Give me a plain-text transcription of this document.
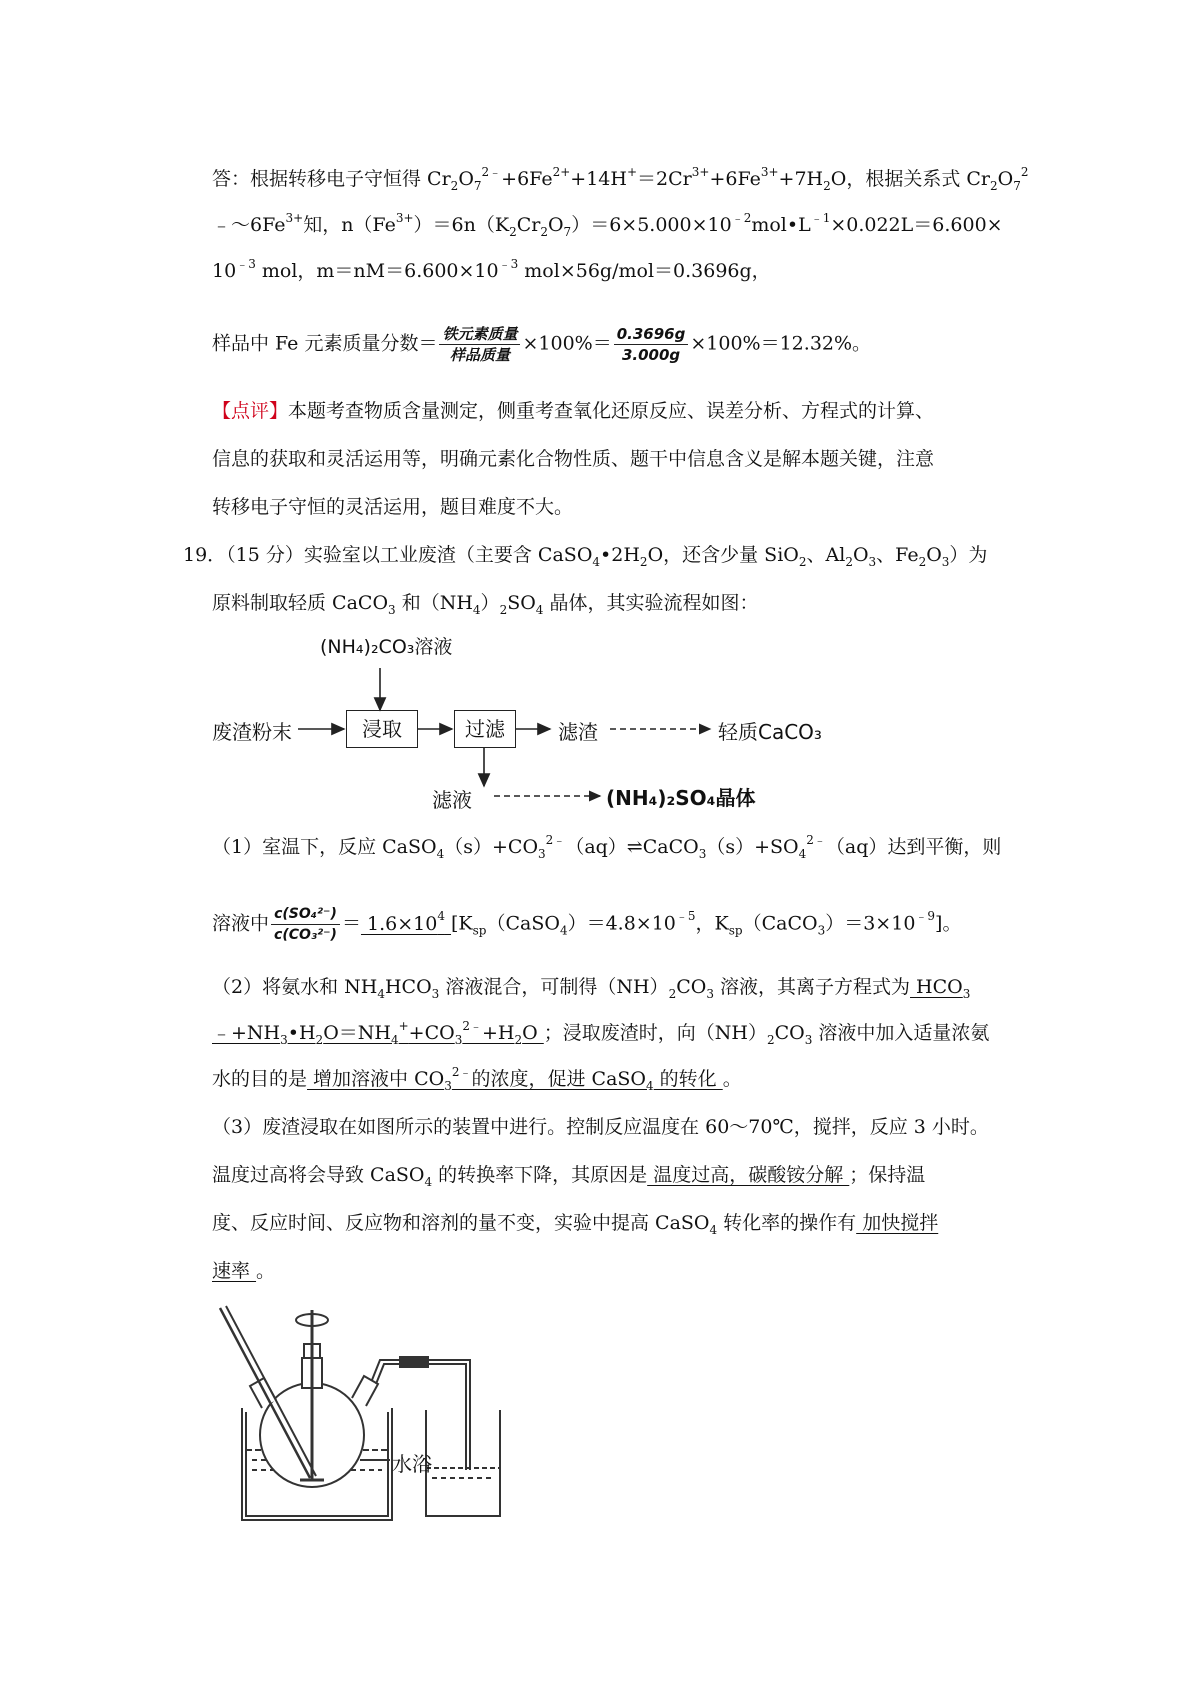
答：根据转移电子守恒得 $Cr_2O_7^{2﹣}+6Fe^{2+}+14H^+=2Cr^{3+}+6Fe^{3+}+7H_2O$，根据关系式 $Cr_2O_7^2$
$﹣\sim 6Fe^{3+}$知，$n(Fe^{3+})=6n(K_2Cr_2O_7)=6\times 5.000\times 10^{﹣2}mol•L^{﹣1}\times 0.022L=6.600\times$
$10^{﹣3}$ mol，$m=nM=6.600\times 10^{﹣3}$ mol×56g/mol＝0.3696g，
样品中 Fe 元素质量分数＝ $\frac{\text{铁元素质量}}{\text{样品质量}} \times 100\%= \frac{0.3696g}{3.000g} \times 100\%=12.32\%$。
【点评】本题考查物质含量测定，侧重考查氧化还原反应、误差分析、方程式的计算、
信息的获取和灵活运用等，明确元素化合物性质、题干中信息含义是解本题关键，注意
转移电子守恒的灵活运用，题目难度不大。
19．（15 分）实验室以工业废渣（主要含 $CaSO_4•2H_2O$，还含少量 SiO$_2$、$Al_2O_3$、$Fe_2O_3$）为
原料制取轻质 CaCO$_3$ 和$(NH_4)_2SO_4$ 晶体，其实验流程如图：
(NH₄)₂CO₃溶液
废渣粉末	浸取	过滤	滤渣	轻质CaCO₃
滤液	(NH₄)₂SO₄晶体
（1）室温下，反应 $CaSO_4(s)+CO_3^{2﹣}(aq)\rightleftharpoons CaCO_3(s)+SO_4^{2﹣}(aq)$达到平衡，则
溶液中 $\frac{\text{c(SO₄²⁻)}}{\text{c(CO₃²⁻)}} = 1.6\times 10^4$ [$K_{sp}(CaSO_4)=4.8\times 10^{﹣5}$，$K_{sp}(CaCO_3)=3\times 10^{﹣9}$]。
（2）将氨水和 $NH_4HCO_3$ 溶液混合，可制得$(NH)_2CO_3$ 溶液，其离子方程式为 $HCO_3$
$﹣+NH_3•H_2O=NH_4^++CO_3^{2﹣}+H_2O$ ；浸取废渣时，向$(NH)_2CO_3$ 溶液中加入适量浓氨
水的目的是 增加溶液中 $CO_3^{2﹣}$的浓度，促进 CaSO$_4$ 的转化 。
（3）废渣浸取在如图所示的装置中进行。控制反应温度在 60～70℃，搅拌，反应 3 小时。
温度过高将会导致 CaSO$_4$ 的转换率下降，其原因是 温度过高，碳酸铵分解 ；保持温
度、反应时间、反应物和溶剂的量不变，实验中提高 CaSO$_4$ 转化率的操作有 加快搅拌
速率 。
水浴
